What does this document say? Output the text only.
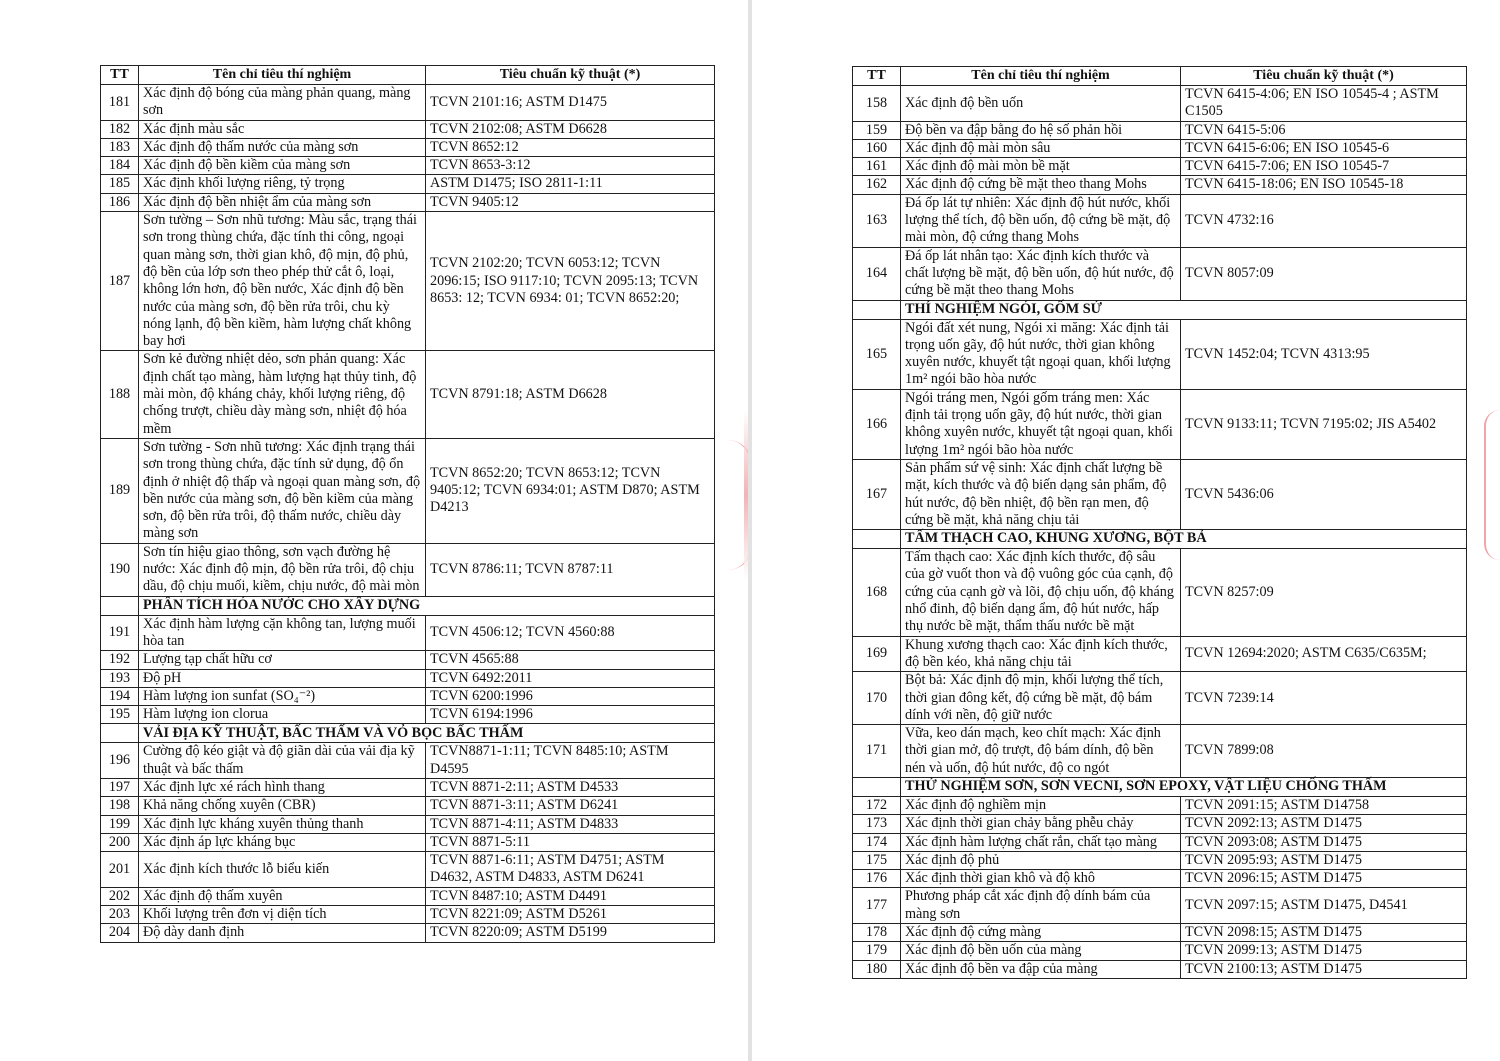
TT	Tên chỉ tiêu thí nghiệm	Tiêu chuẩn kỹ thuật (*)
181	Xác định độ bóng của màng phản quang, màng sơn	TCVN 2101:16; ASTM D1475
182	Xác định màu sắc	TCVN 2102:08; ASTM D6628
183	Xác định độ thấm nước của màng sơn	TCVN 8652:12
184	Xác định độ bền kiềm của màng sơn	TCVN 8653-3:12
185	Xác định khối lượng riêng, tỷ trọng	ASTM D1475; ISO 2811-1:11
186	Xác định độ bền nhiệt ẩm của màng sơn	TCVN 9405:12
187	Sơn tường – Sơn nhũ tương: Màu sắc, trạng thái sơn trong thùng chứa, đặc tính thi công, ngoại quan màng sơn, thời gian khô, độ mịn, độ phủ, độ bền của lớp sơn theo phép thử cắt ô, loại, không lớn hơn, độ bền nước, Xác định độ bền nước của màng sơn, độ bền rửa trôi, chu kỳ nóng lạnh, độ bền kiềm, hàm lượng chất không bay hơi	TCVN 2102:20; TCVN 6053:12; TCVN 2096:15; ISO 9117:10; TCVN 2095:13; TCVN 8653: 12; TCVN 6934: 01; TCVN 8652:20;
188	Sơn kẻ đường nhiệt dẻo, sơn phản quang: Xác định chất tạo màng, hàm lượng hạt thủy tinh, độ mài mòn, độ kháng chảy, khối lượng riêng, độ chống trượt, chiều dày màng sơn, nhiệt độ hóa mềm	TCVN 8791:18; ASTM D6628
189	Sơn tường - Sơn nhũ tương: Xác định trạng thái sơn trong thùng chứa, đặc tính sử dụng, độ ổn định ở nhiệt độ thấp và ngoại quan màng sơn, độ bền nước của màng sơn, độ bền kiềm của màng sơn, độ bền rửa trôi, độ thấm nước, chiều dày màng sơn	TCVN 8652:20; TCVN 8653:12; TCVN 9405:12; TCVN 6934:01; ASTM D870; ASTM D4213
190	Sơn tín hiệu giao thông, sơn vạch đường hệ nước: Xác định độ mịn, độ bền rửa trôi, độ chịu dầu, độ chịu muối, kiềm, chịu nước, độ mài mòn	TCVN 8786:11; TCVN 8787:11
	PHÂN TÍCH HÓA NƯỚC CHO XÂY DỰNG	
191	Xác định hàm lượng cặn không tan, lượng muối hòa tan	TCVN 4506:12; TCVN 4560:88
192	Lượng tạp chất hữu cơ	TCVN 4565:88
193	Độ pH	TCVN 6492:2011
194	Hàm lượng ion sunfat (SO₄⁻²)	TCVN 6200:1996
195	Hàm lượng ion clorua	TCVN 6194:1996
	VẢI ĐỊA KỸ THUẬT, BẤC THẤM VÀ VỎ BỌC BẤC THẤM	
196	Cường độ kéo giật và độ giãn dài của vải địa kỹ thuật và bấc thấm	TCVN8871-1:11; TCVN 8485:10; ASTM D4595
197	Xác định lực xé rách hình thang	TCVN 8871-2:11; ASTM D4533
198	Khả năng chống xuyên (CBR)	TCVN 8871-3:11; ASTM D6241
199	Xác định lực kháng xuyên thủng thanh	TCVN 8871-4:11; ASTM D4833
200	Xác định áp lực kháng bục	TCVN 8871-5:11
201	Xác định kích thước lỗ biểu kiến	TCVN 8871-6:11; ASTM D4751; ASTM D4632, ASTM D4833, ASTM D6241
202	Xác định độ thấm xuyên	TCVN 8487:10; ASTM D4491
203	Khối lượng trên đơn vị diện tích	TCVN 8221:09; ASTM D5261
204	Độ dày danh định	TCVN 8220:09; ASTM D5199
TT	Tên chỉ tiêu thí nghiệm	Tiêu chuẩn kỹ thuật (*)
158	Xác định độ bền uốn	TCVN 6415-4:06; EN ISO 10545-4 ; ASTM C1505
159	Độ bền va đập bằng đo hệ số phản hồi	TCVN 6415-5:06
160	Xác định độ mài mòn sâu	TCVN 6415-6:06; EN ISO 10545-6
161	Xác định độ mài mòn bề mặt	TCVN 6415-7:06; EN ISO 10545-7
162	Xác định độ cứng bề mặt theo thang Mohs	TCVN 6415-18:06; EN ISO 10545-18
163	Đá ốp lát tự nhiên: Xác định độ hút nước, khối lượng thể tích, độ bền uốn, độ cứng bề mặt, độ mài mòn, độ cứng thang Mohs	TCVN 4732:16
164	Đá ốp lát nhân tạo: Xác định kích thước và chất lượng bề mặt, độ bền uốn, độ hút nước, độ cứng bề mặt theo thang Mohs	TCVN 8057:09
	THÍ NGHIỆM NGÓI, GỐM SỨ	
165	Ngói đất xét nung, Ngói xi măng: Xác định tải trọng uốn gãy, độ hút nước, thời gian không xuyên nước, khuyết tật ngoại quan, khối lượng 1m² ngói bão hòa nước	TCVN 1452:04; TCVN 4313:95
166	Ngói tráng men, Ngói gốm tráng men: Xác định tải trọng uốn gãy, độ hút nước, thời gian không xuyên nước, khuyết tật ngoại quan, khối lượng 1m² ngói bão hòa nước	TCVN 9133:11; TCVN 7195:02; JIS A5402
167	Sản phẩm sứ vệ sinh: Xác định chất lượng bề mặt, kích thước và độ biến dạng sản phẩm, độ hút nước, độ bền nhiệt, độ bền rạn men, độ cứng bề mặt, khả năng chịu tải	TCVN 5436:06
	TẤM THẠCH CAO, KHUNG XƯƠNG, BỘT BẢ	
168	Tấm thạch cao: Xác định kích thước, độ sâu của gờ vuốt thon và độ vuông góc của cạnh, độ cứng của cạnh gờ và lõi, độ chịu uốn, độ kháng nhổ đinh, độ biến dạng ẩm, độ hút nước, hấp thụ nước bề mặt, thẩm thấu nước bề mặt	TCVN 8257:09
169	Khung xương thạch cao: Xác định kích thước, độ bền kéo, khả năng chịu tải	TCVN 12694:2020; ASTM C635/C635M;
170	Bột bả: Xác định độ mịn, khối lượng thể tích, thời gian đông kết, độ cứng bề mặt, độ bám dính với nền, độ giữ nước	TCVN 7239:14
171	Vữa, keo dán mạch, keo chít mạch: Xác định thời gian mở, độ trượt, độ bám dính, độ bền nén và uốn, độ hút nước, độ co ngót	TCVN 7899:08
	THỬ NGHIỆM SƠN, SƠN VECNI, SƠN EPOXY, VẬT LIỆU CHỐNG THẤM	
172	Xác định độ nghiềm mịn	TCVN 2091:15; ASTM D14758
173	Xác định thời gian chảy bằng phễu chảy	TCVN 2092:13; ASTM D1475
174	Xác định hàm lượng chất rắn, chất tạo màng	TCVN 2093:08; ASTM D1475
175	Xác định độ phủ	TCVN 2095:93; ASTM D1475
176	Xác định thời gian khô và độ khô	TCVN 2096:15; ASTM D1475
177	Phương pháp cắt xác định độ dính bám của màng sơn	TCVN 2097:15; ASTM D1475, D4541
178	Xác định độ cứng màng	TCVN 2098:15; ASTM D1475
179	Xác định độ bền uốn của màng	TCVN 2099:13; ASTM D1475
180	Xác định độ bền va đập của màng	TCVN 2100:13; ASTM D1475
